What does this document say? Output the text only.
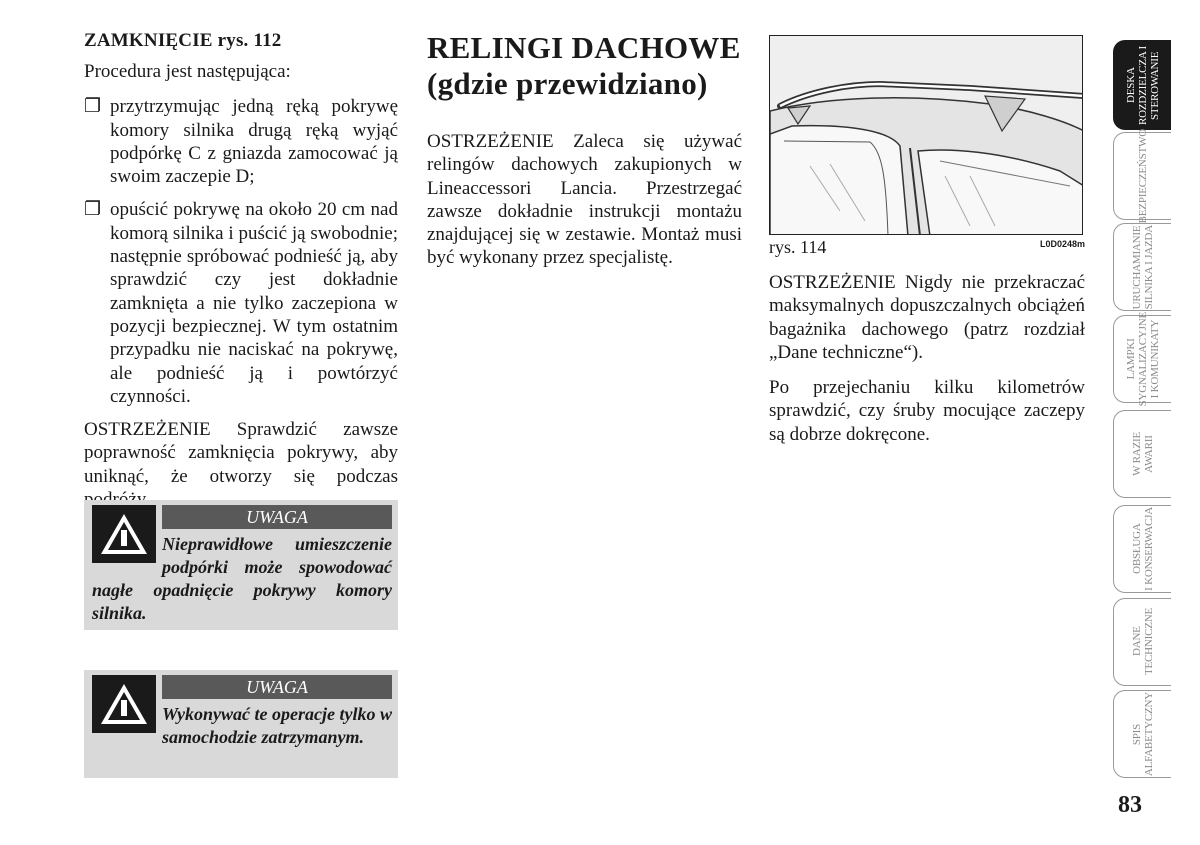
ZAMKNIĘCIE rys. 112

Procedura jest następująca:

❐ przytrzymując jedną ręką pokrywę komory silnika drugą ręką wyjąć podpórkę C z gniazda zamocować ją swoim zaczepie D;

❐ opuścić pokrywę na około 20 cm nad komorą silnika i puścić ją swobodnie; następnie spróbować podnieść ją, aby sprawdzić czy jest dokładnie zamknięta a nie tylko zaczepiona w pozycji bezpiecznej. W tym ostatnim przypadku nie naciskać na pokrywę, ale podnieść ją i powtórzyć czynności.

OSTRZEŻENIE Sprawdzić zawsze poprawność zamknięcia pokrywy, aby uniknąć, że otworzy się podczas

UWAGA
Nieprawidłowe umieszczenie podpórki może spowodować nagłe opadnięcie pokrywy komory silnika.
UWAGA
Wykonywać te operacje tylko w samochodzie zatrzymanym.
RELINGI DACHOWE
(gdzie przewidziano)

OSTRZEŻENIE Zaleca się używać relingów dachowych zakupionych w Lineaccessori Lancia. Przestrzegać zawsze dokładnie instrukcji montażu znajdującej się w zestawie. Montaż musi być wykonany przez specjalistę.

rys. 114	L0D0248m

OSTRZEŻENIE Nigdy nie przekraczać maksymalnych dopuszczalnych obciążeń bagażnika dachowego (patrz rozdział „Dane techniczne“).

Po przejechaniu kilku kilometrów sprawdzić, czy śruby mocujące zaczepy są dobrze dokręcone.

DESKA
ROZDZIELCZA I
STEROWANIE
BEZPIECZEŃSTWO
URUCHAMIANIE
SILNIKA I JAZDA
LAMPKI
SYGNALIZACYJNE
I KOMUNIKATY
W RAZIE
AWARII
OBSŁUGA
I KONSERWACJA
DANE
TECHNICZNE
SPIS
ALFABETYCZNY
83
